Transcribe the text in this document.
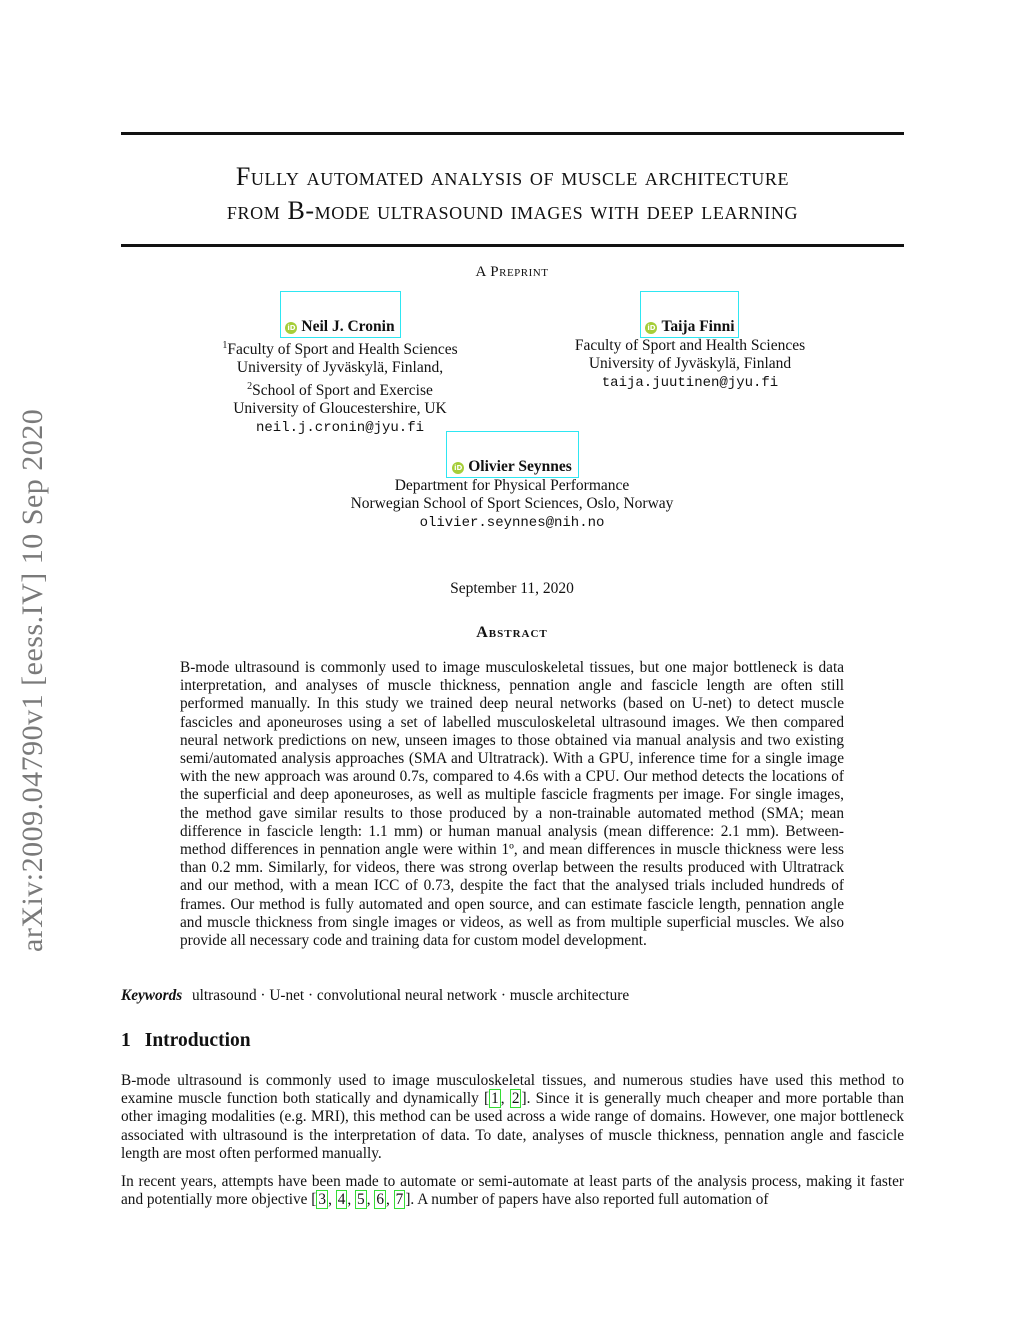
arXiv:2009.04790v1 [eess.IV] 10 Sep 2020
Fully automated analysis of muscle architecture
from B-mode ultrasound images with deep learning
A Preprint
iD Neil J. Cronin
$^1$Faculty of Sport and Health Sciences
University of Jyväskylä, Finland,
$^2$School of Sport and Exercise
University of Gloucestershire, UK
neil.j.cronin@jyu.fi
iD Taija Finni
Faculty of Sport and Health Sciences
University of Jyväskylä, Finland
taija.juutinen@jyu.fi
iD Olivier Seynnes
Department for Physical Performance
Norwegian School of Sport Sciences, Oslo, Norway
olivier.seynnes@nih.no
September 11, 2020
Abstract
B-mode ultrasound is commonly used to image musculoskeletal tissues, but one major bottleneck is data interpretation, and analyses of muscle thickness, pennation angle and fascicle length are often still performed manually. In this study we trained deep neural networks (based on U-net) to detect muscle fascicles and aponeuroses using a set of labelled musculoskeletal ultrasound images. We then compared neural network predictions on new, unseen images to those obtained via manual analysis and two existing semi/automated analysis approaches (SMA and Ultratrack). With a GPU, inference time for a single image with the new approach was around 0.7s, compared to 4.6s with a CPU. Our method detects the locations of the superficial and deep aponeuroses, as well as multiple fascicle fragments per image. For single images, the method gave similar results to those produced by a non-trainable automated method (SMA; mean difference in fascicle length: 1.1 mm) or human manual analysis (mean difference: 2.1 mm). Between-method differences in pennation angle were within 1º, and mean differences in muscle thickness were less than 0.2 mm. Similarly, for videos, there was strong overlap between the results produced with Ultratrack and our method, with a mean ICC of 0.73, despite the fact that the analysed trials included hundreds of frames. Our method is fully automated and open source, and can estimate fascicle length, pennation angle and muscle thickness from single images or videos, as well as from multiple superficial muscles. We also provide all necessary code and training data for custom model development.
Keywords ultrasound · U-net · convolutional neural network · muscle architecture
1 Introduction
B-mode ultrasound is commonly used to image musculoskeletal tissues, and numerous studies have used this method to examine muscle function both statically and dynamically [ 1 , 2 ]. Since it is generally much cheaper and more portable than other imaging modalities (e.g. MRI), this method can be used across a wide range of domains. However, one major bottleneck associated with ultrasound is the interpretation of data. To date, analyses of muscle thickness, pennation angle and fascicle length are most often performed manually.
In recent years, attempts have been made to automate or semi-automate at least parts of the analysis process, making it faster and potentially more objective [ 3 , 4 , 5 , 6 , 7 ]. A number of papers have also reported full automation of
